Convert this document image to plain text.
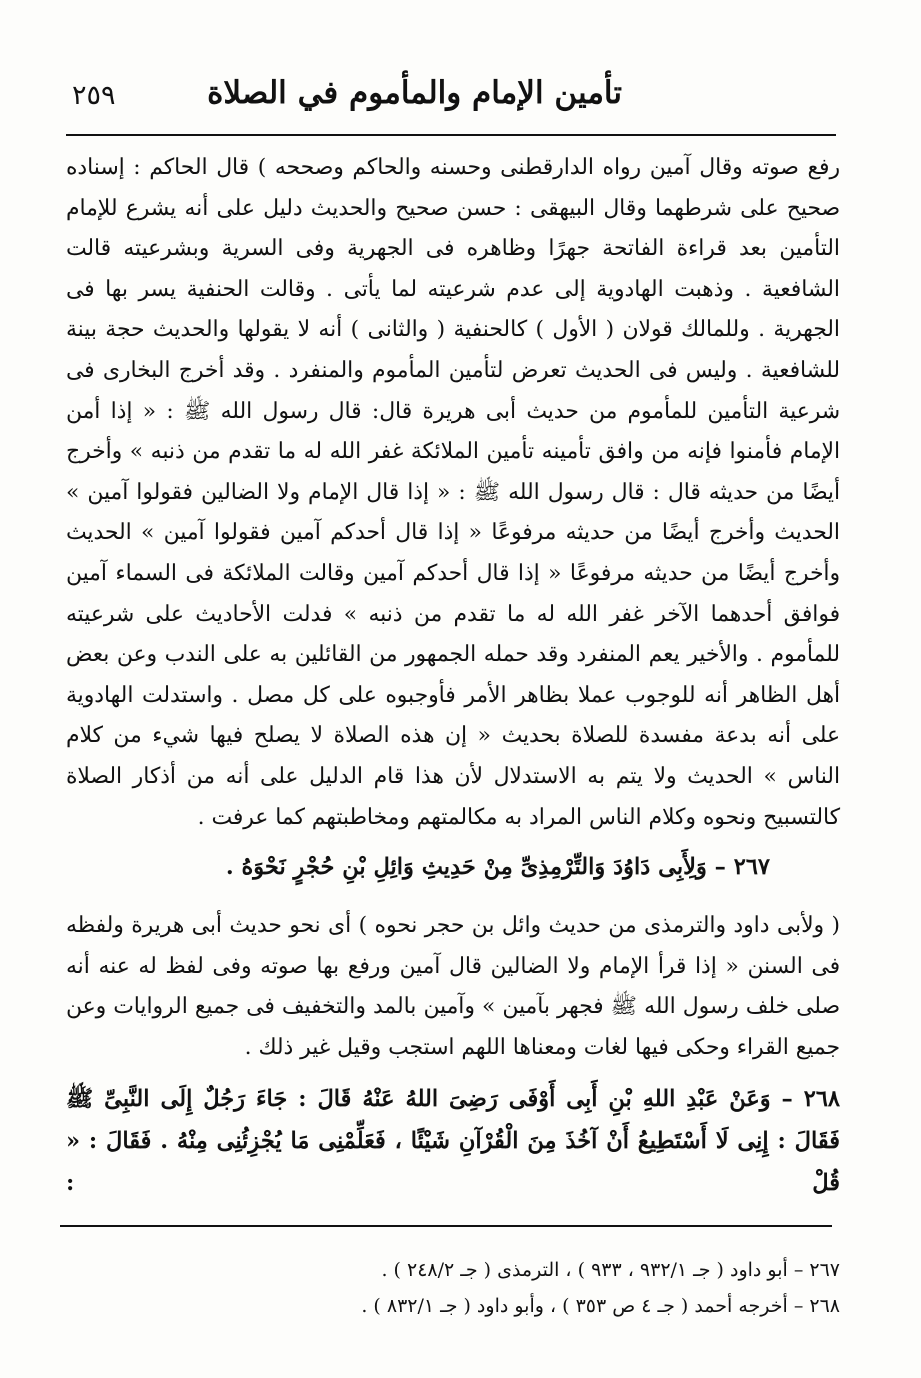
٢٥٩	تأمين الإمام والمأموم في الصلاة

رفع صوته وقال آمين رواه الدارقطنى وحسنه والحاكم وصححه ) قال الحاكم : إسناده صحيح على شرطهما وقال البيهقى : حسن صحيح والحديث دليل على أنه يشرع للإمام التأمين بعد قراءة الفاتحة جهرًا وظاهره فى الجهرية وفى السرية وبشرعيته قالت الشافعية . وذهبت الهادوية إلى عدم شرعيته لما يأتى . وقالت الحنفية يسر بها فى الجهرية . وللمالك قولان ( الأول ) كالحنفية ( والثانى ) أنه لا يقولها والحديث حجة بينة للشافعية . وليس فى الحديث تعرض لتأمين المأموم والمنفرد . وقد أخرج البخارى فى شرعية التأمين للمأموم من حديث أبى هريرة قال: قال رسول الله ﷺ : « إذا أمن الإمام فأمنوا فإنه من وافق تأمينه تأمين الملائكة غفر الله له ما تقدم من ذنبه » وأخرج أيضًا من حديثه قال : قال رسول الله ﷺ : « إذا قال الإمام ولا الضالين فقولوا آمين » الحديث وأخرج أيضًا من حديثه مرفوعًا « إذا قال أحدكم آمين فقولوا آمين » الحديث وأخرج أيضًا من حديثه مرفوعًا « إذا قال أحدكم آمين وقالت الملائكة فى السماء آمين فوافق أحدهما الآخر غفر الله له ما تقدم من ذنبه » فدلت الأحاديث على شرعيته للمأموم . والأخير يعم المنفرد وقد حمله الجمهور من القائلين به على الندب وعن بعض أهل الظاهر أنه للوجوب عملا بظاهر الأمر فأوجبوه على كل مصل . واستدلت الهادوية على أنه بدعة مفسدة للصلاة بحديث « إن هذه الصلاة لا يصلح فيها شيء من كلام الناس » الحديث ولا يتم به الاستدلال لأن هذا قام الدليل على أنه من أذكار الصلاة كالتسبيح ونحوه وكلام الناس المراد به مكالمتهم ومخاطبتهم كما عرفت .

٢٦٧ – وَلِأَبِى دَاوُدَ وَالتِّرْمِذِىِّ مِنْ حَدِيثِ وَائِلِ بْنِ حُجْرٍ نَحْوَهُ .

( ولأبى داود والترمذى من حديث وائل بن حجر نحوه ) أى نحو حديث أبى هريرة ولفظه فى السنن « إذا قرأ الإمام ولا الضالين قال آمين ورفع بها صوته وفى لفظ له عنه أنه صلى خلف رسول الله ﷺ فجهر بآمين » وآمين بالمد والتخفيف فى جميع الروايات وعن جميع القراء وحكى فيها لغات ومعناها اللهم استجب وقيل غير ذلك .

٢٦٨ – وَعَنْ عَبْدِ اللهِ بْنِ أَبِى أَوْفَى رَضِىَ اللهُ عَنْهُ قَالَ : جَاءَ رَجُلٌ إِلَى النَّبِىِّ ﷺ فَقَالَ : إِنِى لَا أَسْتَطِيعُ أَنْ آخُذَ مِنَ الْقُرْآنِ شَيْئًا ، فَعَلِّمْنِى مَا يُجْزِئُنِى مِنْهُ . فَقَالَ : « قُلْ :

٢٦٧ – أبو داود ( جـ ٩٣٢/١ ، ٩٣٣ ) ، الترمذى ( جـ ٢٤٨/٢ ) .

٢٦٨ – أخرجه أحمد ( جـ ٤ ص ٣٥٣ ) ، وأبو داود ( جـ ٨٣٢/١ ) .
